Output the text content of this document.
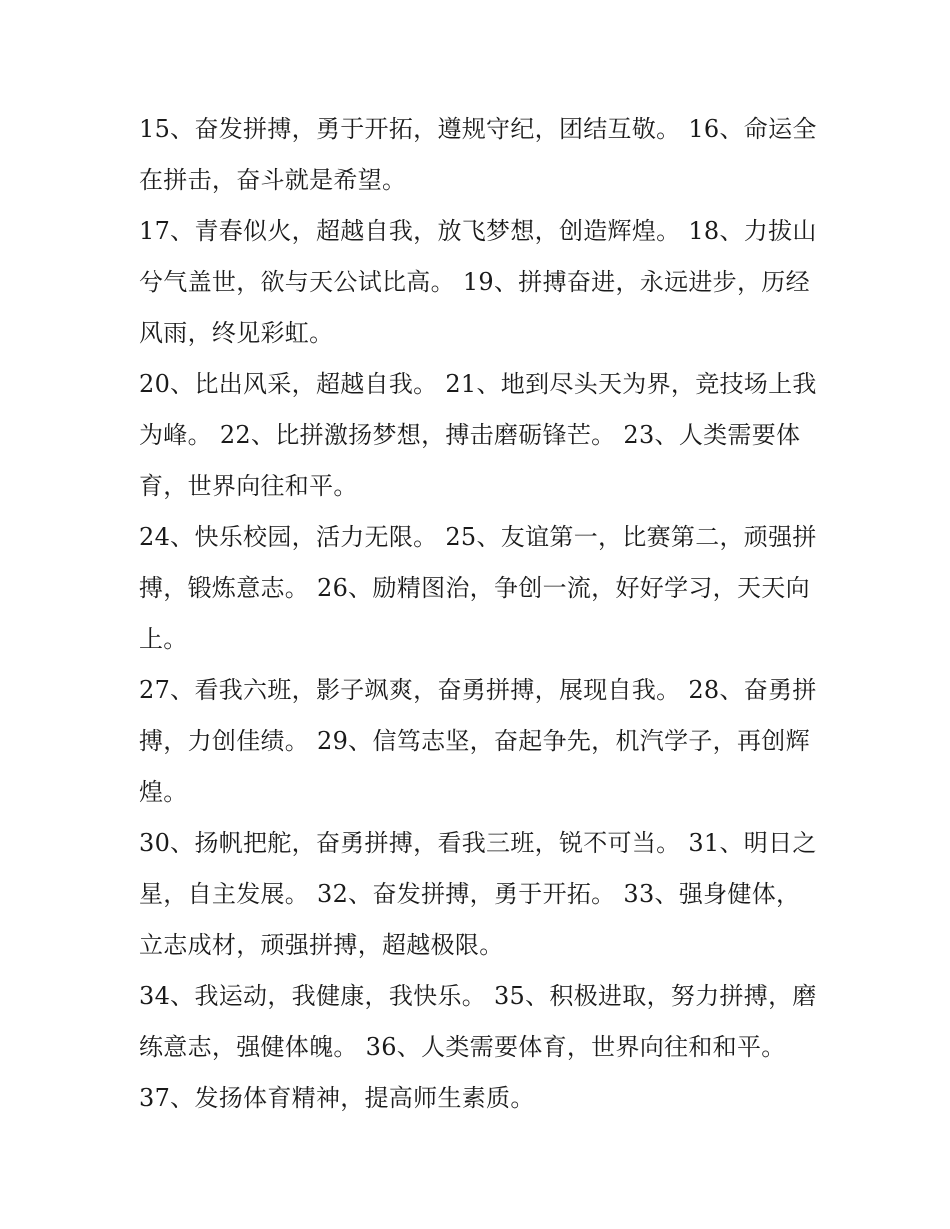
15、奋发拼搏，勇于开拓，遵规守纪，团结互敬。 16、命运全在拼击，奋斗就是希望。

17、青春似火，超越自我，放飞梦想，创造辉煌。 18、力拔山兮气盖世，欲与天公试比高。 19、拼搏奋进，永远进步，历经风雨，终见彩虹。

20、比出风采，超越自我。 21、地到尽头天为界，竞技场上我为峰。 22、比拼激扬梦想，搏击磨砺锋芒。 23、人类需要体育，世界向往和平。

24、快乐校园，活力无限。 25、友谊第一，比赛第二，顽强拼搏，锻炼意志。 26、励精图治，争创一流，好好学习，天天向上。

27、看我六班，影子飒爽，奋勇拼搏，展现自我。 28、奋勇拼搏，力创佳绩。 29、信笃志坚，奋起争先，机汽学子，再创辉煌。

30、扬帆把舵，奋勇拼搏，看我三班，锐不可当。 31、明日之星，自主发展。 32、奋发拼搏，勇于开拓。 33、强身健体，立志成材，顽强拼搏，超越极限。

34、我运动，我健康，我快乐。 35、积极进取，努力拼搏，磨练意志，强健体魄。 36、人类需要体育，世界向往和和平。 37、发扬体育精神，提高师生素质。
